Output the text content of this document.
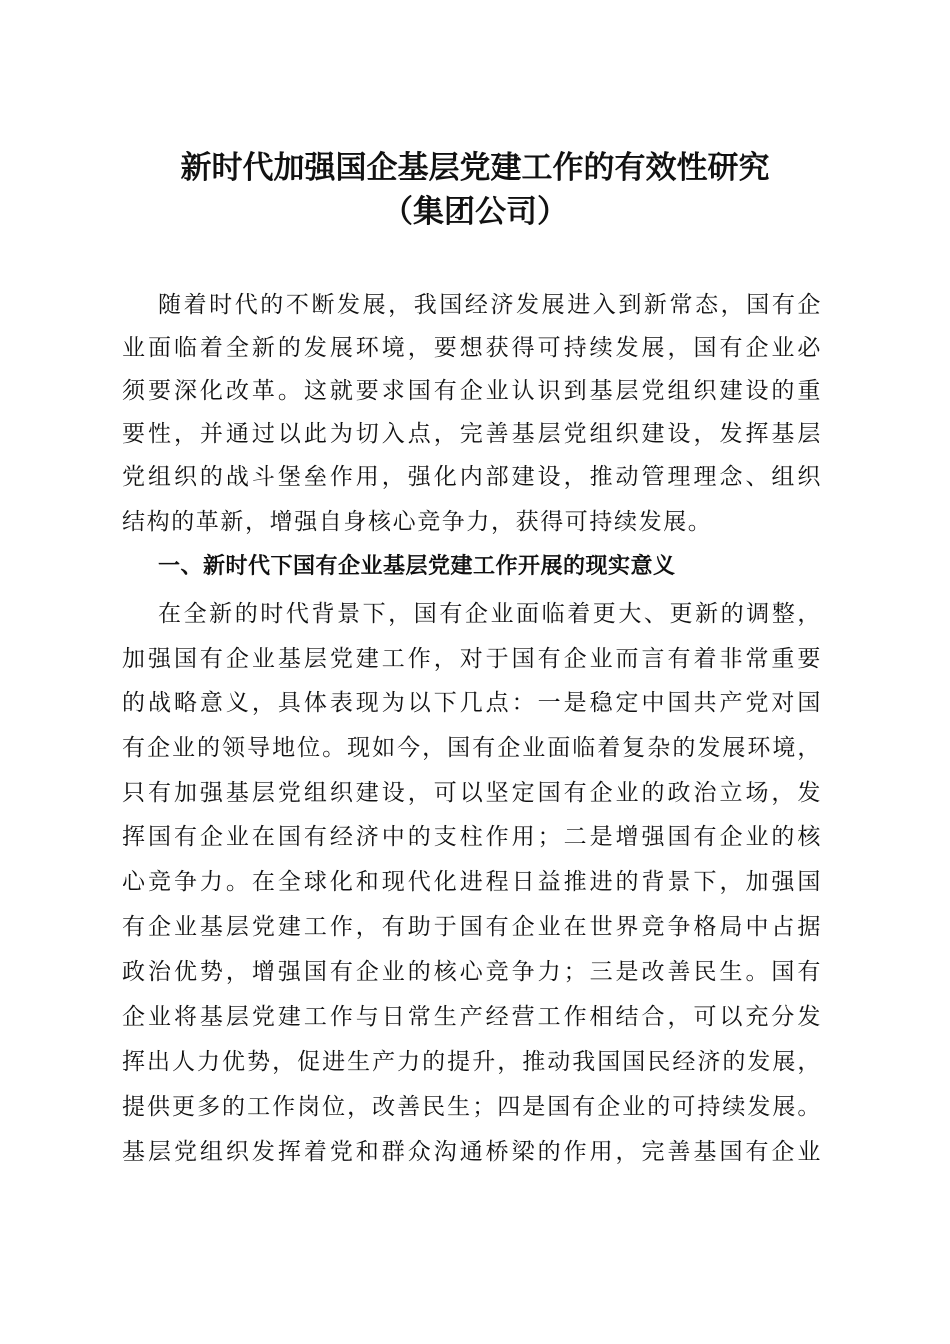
新时代加强国企基层党建工作的有效性研究
（集团公司）
随着时代的不断发展，我国经济发展进入到新常态，国有企
业面临着全新的发展环境，要想获得可持续发展，国有企业必
须要深化改革。这就要求国有企业认识到基层党组织建设的重
要性，并通过以此为切入点，完善基层党组织建设，发挥基层
党组织的战斗堡垒作用，强化内部建设，推动管理理念、组织
结构的革新，增强自身核心竞争力，获得可持续发展。
一、新时代下国有企业基层党建工作开展的现实意义
在全新的时代背景下，国有企业面临着更大、更新的调整，
加强国有企业基层党建工作，对于国有企业而言有着非常重要
的战略意义，具体表现为以下几点：一是稳定中国共产党对国
有企业的领导地位。现如今，国有企业面临着复杂的发展环境，
只有加强基层党组织建设，可以坚定国有企业的政治立场，发
挥国有企业在国有经济中的支柱作用；二是增强国有企业的核
心竞争力。在全球化和现代化进程日益推进的背景下，加强国
有企业基层党建工作，有助于国有企业在世界竞争格局中占据
政治优势，增强国有企业的核心竞争力；三是改善民生。国有
企业将基层党建工作与日常生产经营工作相结合，可以充分发
挥出人力优势，促进生产力的提升，推动我国国民经济的发展，
提供更多的工作岗位，改善民生；四是国有企业的可持续发展。
基层党组织发挥着党和群众沟通桥梁的作用，完善基国有企业
